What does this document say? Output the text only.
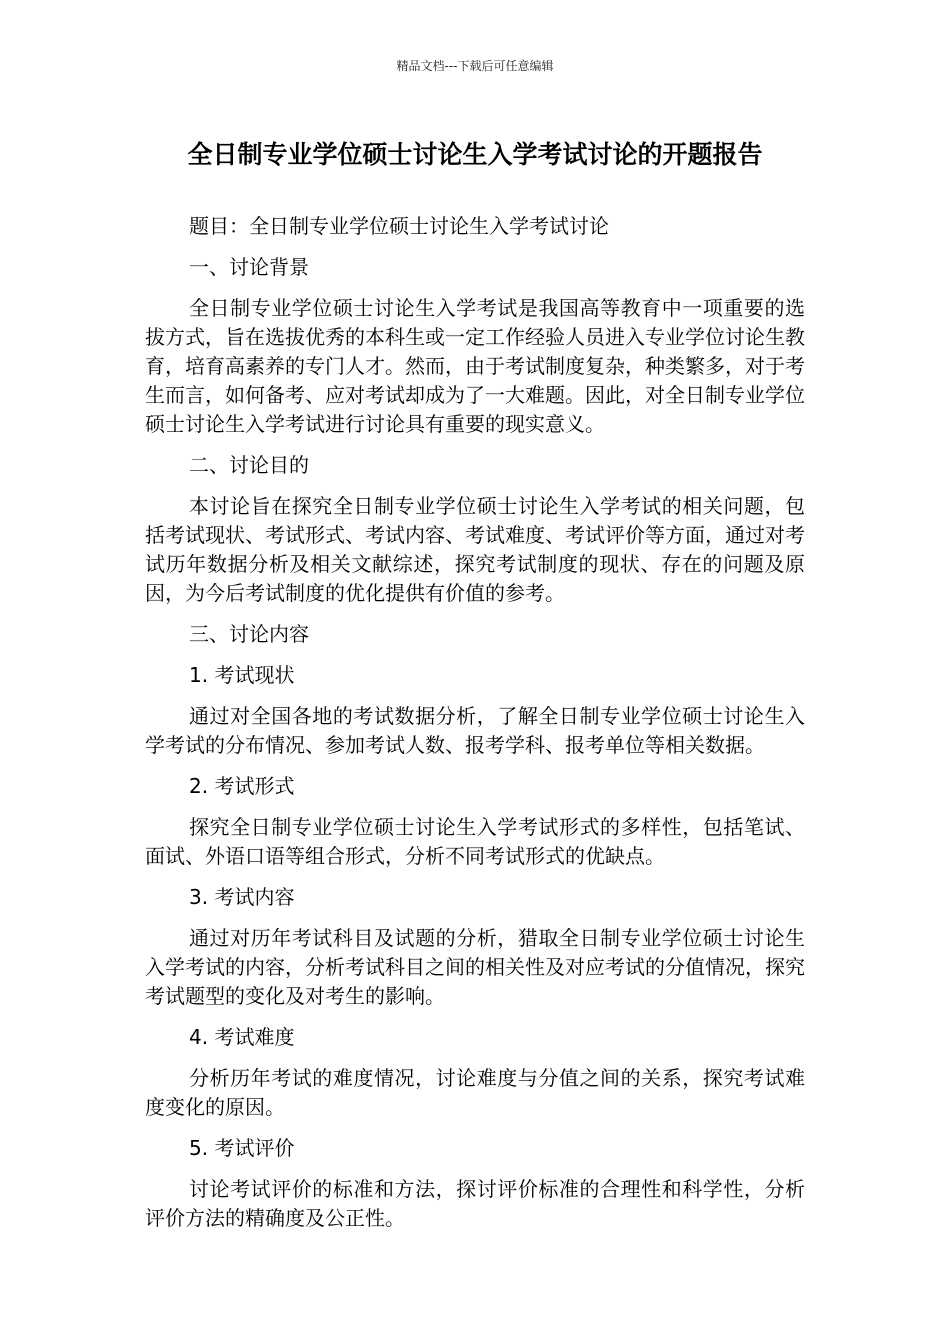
精品文档---下载后可任意编辑
全日制专业学位硕士讨论生入学考试讨论的开题报告

题目：全日制专业学位硕士讨论生入学考试讨论

一、讨论背景

全日制专业学位硕士讨论生入学考试是我国高等教育中一项重要的选拔方式，旨在选拔优秀的本科生或一定工作经验人员进入专业学位讨论生教育，培育高素养的专门人才。然而，由于考试制度复杂，种类繁多，对于考生而言，如何备考、应对考试却成为了一大难题。因此，对全日制专业学位硕士讨论生入学考试进行讨论具有重要的现实意义。

二、讨论目的

本讨论旨在探究全日制专业学位硕士讨论生入学考试的相关问题，包括考试现状、考试形式、考试内容、考试难度、考试评价等方面，通过对考试历年数据分析及相关文献综述，探究考试制度的现状、存在的问题及原因，为今后考试制度的优化提供有价值的参考。

三、讨论内容

1. 考试现状

通过对全国各地的考试数据分析，了解全日制专业学位硕士讨论生入学考试的分布情况、参加考试人数、报考学科、报考单位等相关数据。

2. 考试形式

探究全日制专业学位硕士讨论生入学考试形式的多样性，包括笔试、面试、外语口语等组合形式，分析不同考试形式的优缺点。

3. 考试内容

通过对历年考试科目及试题的分析，猎取全日制专业学位硕士讨论生入学考试的内容，分析考试科目之间的相关性及对应考试的分值情况，探究考试题型的变化及对考生的影响。

4. 考试难度

分析历年考试的难度情况，讨论难度与分值之间的关系，探究考试难度变化的原因。

5. 考试评价

讨论考试评价的标准和方法，探讨评价标准的合理性和科学性，分析评价方法的精确度及公正性。
